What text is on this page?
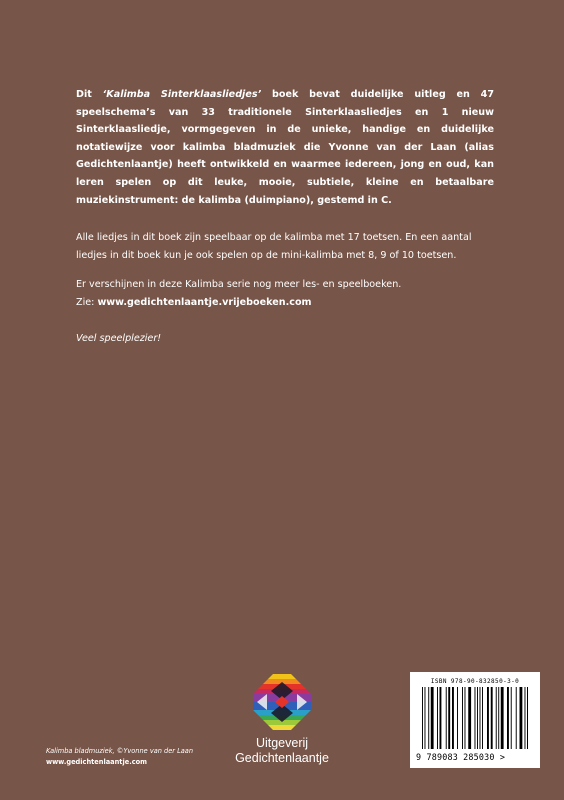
Dit ‘Kalimba Sinterklaasliedjes’ boek bevat duidelijke uitleg en 47 speelschema’s van 33 traditionele Sinterklaasliedjes en 1 nieuw Sinterklaasliedje, vormgegeven in de unieke, handige en duidelijke notatiewijze voor kalimba bladmuziek die Yvonne van der Laan (alias Gedichtenlaantje) heeft ontwikkeld en waarmee iedereen, jong en oud, kan leren spelen op dit leuke, mooie, subtiele, kleine en betaalbare muziekinstrument: de kalimba (duimpiano), gestemd in C.

Alle liedjes in dit boek zijn speelbaar op de kalimba met 17 toetsen. En een aantal liedjes in dit boek kun je ook spelen op de mini-kalimba met 8, 9 of 10 toetsen.

Er verschijnen in deze Kalimba serie nog meer les- en speelboeken.
Zie: www.gedichtenlaantje.vrijeboeken.com

Veel speelplezier!

Uitgeverij
Gedichtenlaantje
Kalimba bladmuziek, ©Yvonne van der Laan
www.gedichtenlaantje.com
ISBN 978-90-832850-3-0
9 789083 285030 >
